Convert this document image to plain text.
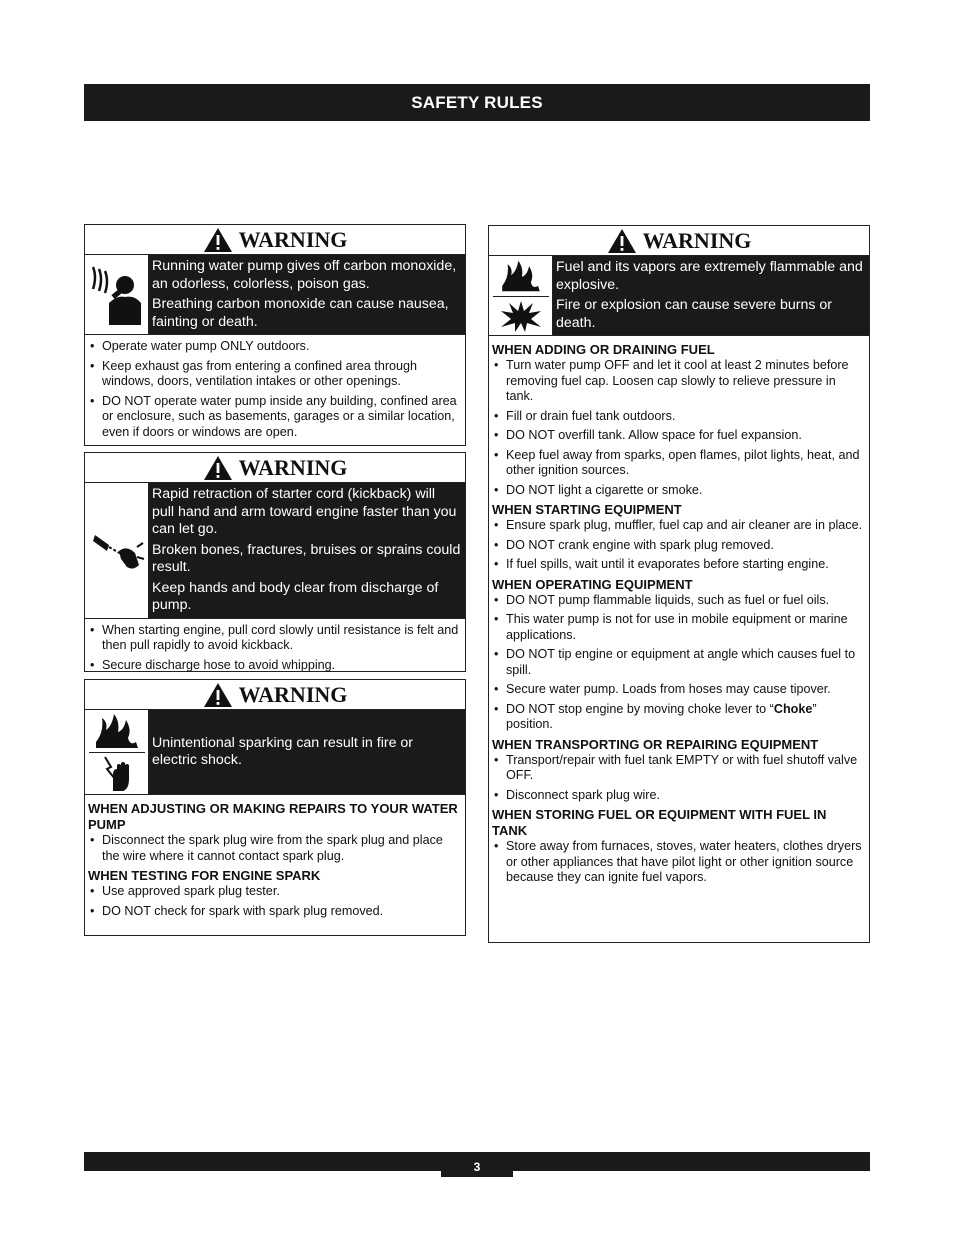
SAFETY RULES
WARNING

Running water pump gives off carbon monoxide, an odorless, colorless, poison gas.

Breathing carbon monoxide can cause nausea, fainting or death.

• Operate water pump ONLY outdoors.
• Keep exhaust gas from entering a confined area through windows, doors, ventilation intakes or other openings.
• DO NOT operate water pump inside any building, confined area or enclosure, such as basements, garages or a similar location, even if doors or windows are open.
WARNING

Rapid retraction of starter cord (kickback) will pull hand and arm toward engine faster than you can let go.

Broken bones, fractures, bruises or sprains could result.

Keep hands and body clear from discharge of pump.

• When starting engine, pull cord slowly until resistance is felt and then pull rapidly to avoid kickback.
• Secure discharge hose to avoid whipping.
WARNING

Unintentional sparking can result in fire or electric shock.

WHEN ADJUSTING OR MAKING REPAIRS TO YOUR WATER PUMP
• Disconnect the spark plug wire from the spark plug and place the wire where it cannot contact spark plug.
WHEN TESTING FOR ENGINE SPARK
• Use approved spark plug tester.
• DO NOT check for spark with spark plug removed.
WARNING

Fuel and its vapors are extremely flammable and explosive.

Fire or explosion can cause severe burns or death.

WHEN ADDING OR DRAINING FUEL
• Turn water pump OFF and let it cool at least 2 minutes before removing fuel cap. Loosen cap slowly to relieve pressure in tank.
• Fill or drain fuel tank outdoors.
• DO NOT overfill tank. Allow space for fuel expansion.
• Keep fuel away from sparks, open flames, pilot lights, heat, and other ignition sources.
• DO NOT light a cigarette or smoke.
WHEN STARTING EQUIPMENT
• Ensure spark plug, muffler, fuel cap and air cleaner are in place.
• DO NOT crank engine with spark plug removed.
• If fuel spills, wait until it evaporates before starting engine.
WHEN OPERATING EQUIPMENT
• DO NOT pump flammable liquids, such as fuel or fuel oils.
• This water pump is not for use in mobile equipment or marine applications.
• DO NOT tip engine or equipment at angle which causes fuel to spill.
• Secure water pump. Loads from hoses may cause tipover.
• DO NOT stop engine by moving choke lever to “Choke” position.
WHEN TRANSPORTING OR REPAIRING EQUIPMENT
• Transport/repair with fuel tank EMPTY or with fuel shutoff valve OFF.
• Disconnect spark plug wire.
WHEN STORING FUEL OR EQUIPMENT WITH FUEL IN TANK
• Store away from furnaces, stoves, water heaters, clothes dryers or other appliances that have pilot light or other ignition source because they can ignite fuel vapors.
3
